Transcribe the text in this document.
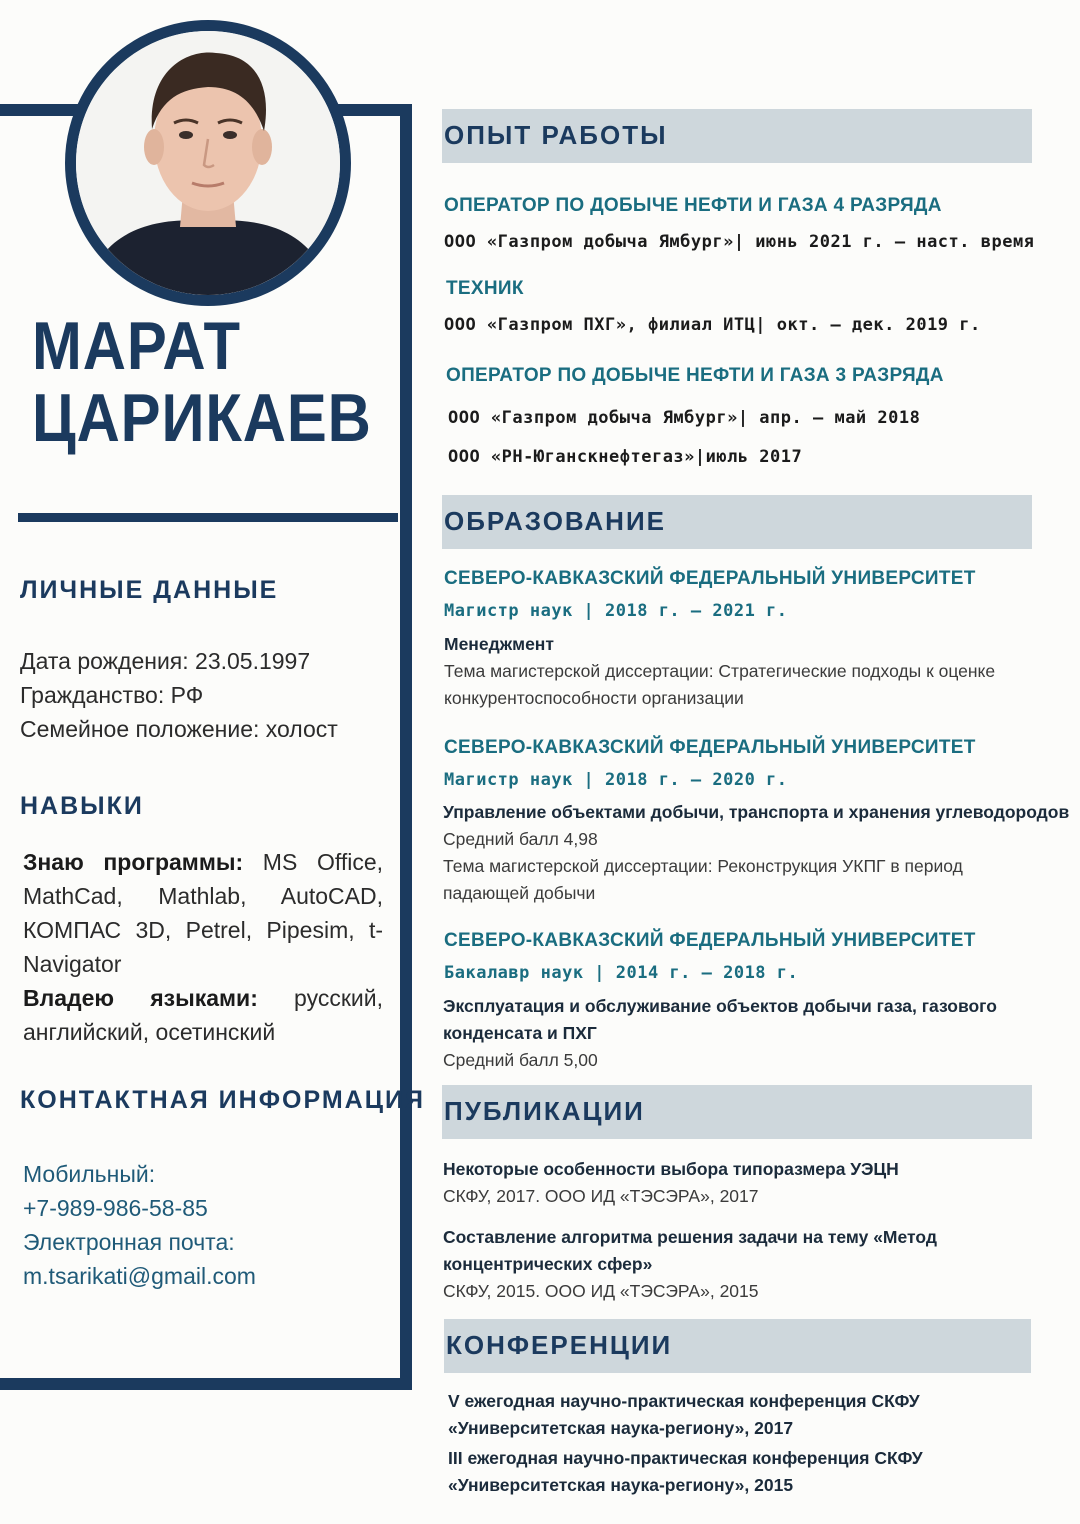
МАРАТ
ЦАРИКАЕВ
ЛИЧНЫЕ ДАННЫЕ
Дата рождения: 23.05.1997
Гражданство: РФ
Семейное положение: холост
НАВЫКИ
Знаю программы: MS Office, MathCad, Mathlab, AutoCAD, КОМПАС 3D, Petrel, Pipesim, t-Navigator
Владею языками: русский, английский, осетинский
КОНТАКТНАЯ ИНФОРМАЦИЯ
Мобильный:
+7-989-986-58-85
Электронная почта:
m.tsarikati@gmail.com
ОПЫТ РАБОТЫ
ОПЕРАТОР ПО ДОБЫЧЕ НЕФТИ И ГАЗА 4 РАЗРЯДА
ООО «Газпром добыча Ямбург»| июнь 2021 г. – наст. время
ТЕХНИК
ООО «Газпром ПХГ», филиал ИТЦ| окт. – дек. 2019 г.
ОПЕРАТОР ПО ДОБЫЧЕ НЕФТИ И ГАЗА 3 РАЗРЯДА
ООО «Газпром добыча Ямбург»| апр. – май 2018
ООО «РН-Юганскнефтегаз»|июль 2017
ОБРАЗОВАНИЕ
СЕВЕРО-КАВКАЗСКИЙ ФЕДЕРАЛЬНЫЙ УНИВЕРСИТЕТ
Магистр наук | 2018 г. – 2021 г.
Менеджмент
Тема магистерской диссертации: Стратегические подходы к оценке
конкурентоспособности организации
СЕВЕРО-КАВКАЗСКИЙ ФЕДЕРАЛЬНЫЙ УНИВЕРСИТЕТ
Магистр наук | 2018 г. – 2020 г.
Управление объектами добычи, транспорта и хранения углеводородов
Средний балл 4,98
Тема магистерской диссертации: Реконструкция УКПГ в период
падающей добычи
СЕВЕРО-КАВКАЗСКИЙ ФЕДЕРАЛЬНЫЙ УНИВЕРСИТЕТ
Бакалавр наук | 2014 г. – 2018 г.
Эксплуатация и обслуживание объектов добычи газа, газового
конденсата и ПХГ
Средний балл 5,00
ПУБЛИКАЦИИ
Некоторые особенности выбора типоразмера УЭЦН
СКФУ, 2017. ООО ИД «ТЭСЭРА», 2017
Составление алгоритма решения задачи на тему «Метод
концентрических сфер»
СКФУ, 2015. ООО ИД «ТЭСЭРА», 2015
КОНФЕРЕНЦИИ
V ежегодная научно-практическая конференция СКФУ
«Университетская наука-региону», 2017
III ежегодная научно-практическая конференция СКФУ
«Университетская наука-региону», 2015
